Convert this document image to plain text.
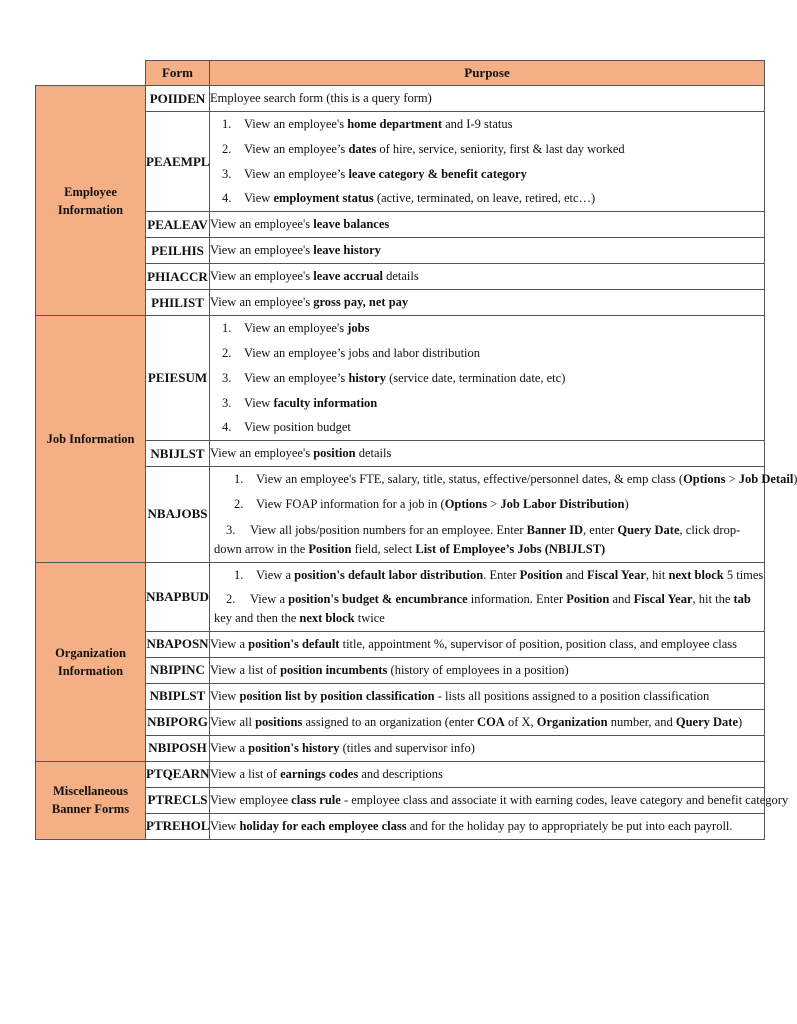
	Form	Purpose
Employee Information	POIIDEN	Employee search form (this is a query form)

	PEAEMPL	1. View an employee's home department and I-9 status
2. View an employee’s dates of hire, service, seniority, first & last day worked
3. View an employee’s leave category & benefit category
4. View employment status (active, terminated, on leave, retired, etc…)

	PEALEAV	View an employee's leave balances

	PEILHIS	View an employee's leave history

	PHIACCR	View an employee's leave accrual details

	PHILIST	View an employee's gross pay, net pay

Job Information	PEIESUM	1. View an employee's jobs
2. View an employee’s jobs and labor distribution
3. View an employee’s history (service date, termination date, etc)
3. View faculty information
4. View position budget

	NBIJLST	View an employee's position details

	NBAJOBS	1. View an employee's FTE, salary, title, status, effective/personnel dates, & emp class (Options > Job Detail
2. View FOAP information for a job in (Options > Job Labor Distribution)
3. View all jobs/position numbers for an employee. Enter Banner ID, enter Query Date, click drop-down arrow in the Position field, select List of Employee’s Jobs (NBIJLST)

Organization Information	NBAPBUD	1. View a position's default labor distribution. Enter Position and Fiscal Year, hit next block 5 times
2. View a position's budget & encumbrance information. Enter Position and Fiscal Year, hit the tab key and then the next block twice

	NBAPOSN	View a position's default title, appointment %, supervisor of position, position class, and employee class

	NBIPINC	View a list of position incumbents (history of employees in a position)

	NBIPLST	View position list by position classification - lists all positions assigned to a position classification

	NBIPORG	View all positions assigned to an organization (enter COA of X, Organization number, and Query Date)

	NBIPOSH	View a position's history (titles and supervisor info)

Miscellaneous Banner Forms	PTQEARN	View a list of earnings codes and descriptions

	PTRECLS	View employee class rule - employee class and associate it with earning codes, leave category and benefit category

	PTREHOL	View holiday for each employee class and for the holiday pay to appropriately be put into each payroll.
